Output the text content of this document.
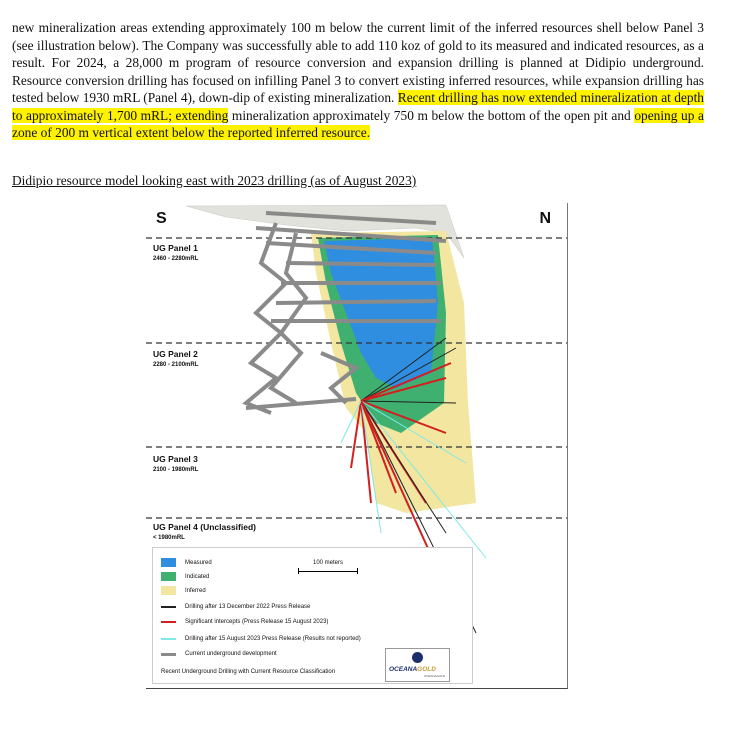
new mineralization areas extending approximately 100 m below the current limit of the inferred resources shell below Panel 3 (see illustration below). The Company was successfully able to add 110 koz of gold to its measured and indicated resources, as a result. For 2024, a 28,000 m program of resource conversion and expansion drilling is planned at Didipio underground. Resource conversion drilling has focused on infilling Panel 3 to convert existing inferred resources, while expansion drilling has tested below 1930 mRL (Panel 4), down-dip of existing mineralization. Recent drilling has now extended mineralization at depth to approximately 1,700 mRL; extending mineralization approximately 750 m below the bottom of the open pit and opening up a zone of 200 m vertical extent below the reported inferred resource.
Didipio resource model looking east with 2023 drilling (as of August 2023)
S	N
UG Panel 1
2460 - 2280mRL
UG Panel 2
2280 - 2100mRL
UG Panel 3
2100 - 1980mRL
UG Panel 4 (Unclassified)
< 1980mRL
Measured
Indicated
Inferred
Drilling after 13 December 2022 Press Release
Significant intercepts (Press Release 15 August 2023)
Drilling after 15 August 2023 Press Release (Results not reported)
Current underground development
100 meters
Recent Underground Drilling with Current Resource Classification	OCEANAGOLD
OCEANAGOLD
